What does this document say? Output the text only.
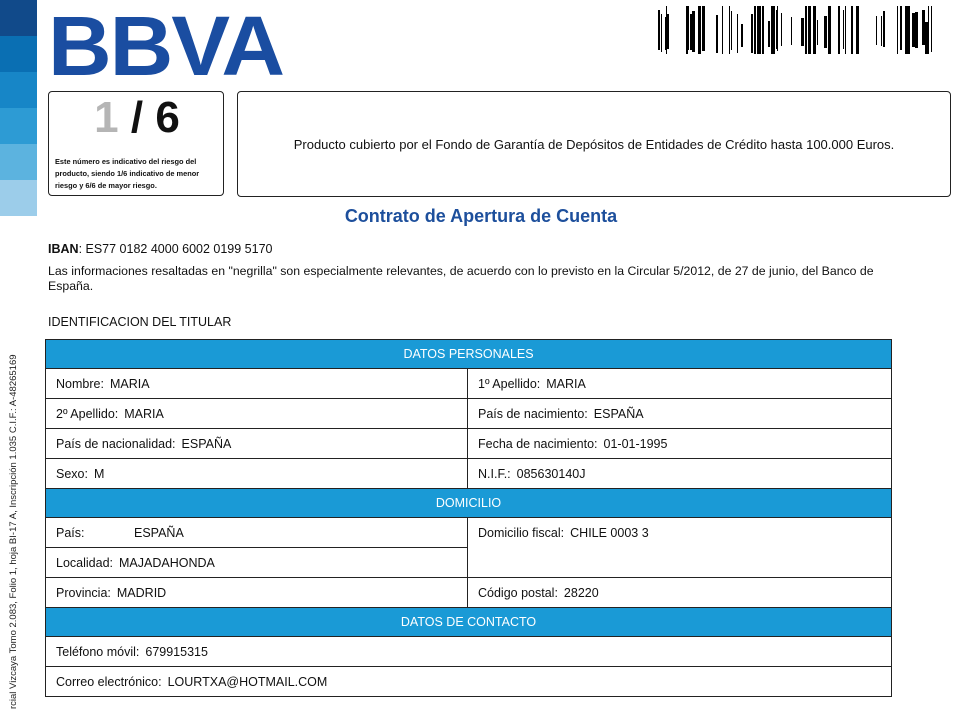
rcial Vizcaya Tomo 2.083, Folio 1, hoja BI-17 A, Inscripción 1.035 C.I.F.: A-48265169
BBVA
1 / 6
Este número es indicativo del riesgo del producto, siendo 1/6 indicativo de menor riesgo y 6/6 de mayor riesgo.
Producto cubierto por el Fondo de Garantía de Depósitos de Entidades de Crédito hasta 100.000 Euros.
Contrato de Apertura de Cuenta
IBAN: ES77 0182 4000 6002 0199 5170
Las informaciones resaltadas en "negrilla" son especialmente relevantes, de acuerdo con lo previsto en la Circular 5/2012, de 27 de junio, del Banco de España.
IDENTIFICACION DEL TITULAR
DATOS PERSONALES	
Nombre: MARIA	1º Apellido: MARIA
2º Apellido: MARIA	País de nacimiento: ESPAÑA
País de nacionalidad: ESPAÑA	Fecha de nacimiento: 01-01-1995
Sexo: M	N.I.F.: 085630140J
DOMICILIO	
País: ESPAÑA	Domicilio fiscal: CHILE 0003 3
Localidad: MAJADAHONDA	
Provincia: MADRID	Código postal: 28220
DATOS DE CONTACTO	
Teléfono móvil: 679915315	
Correo electrónico: LOURTXA@HOTMAIL.COM	
